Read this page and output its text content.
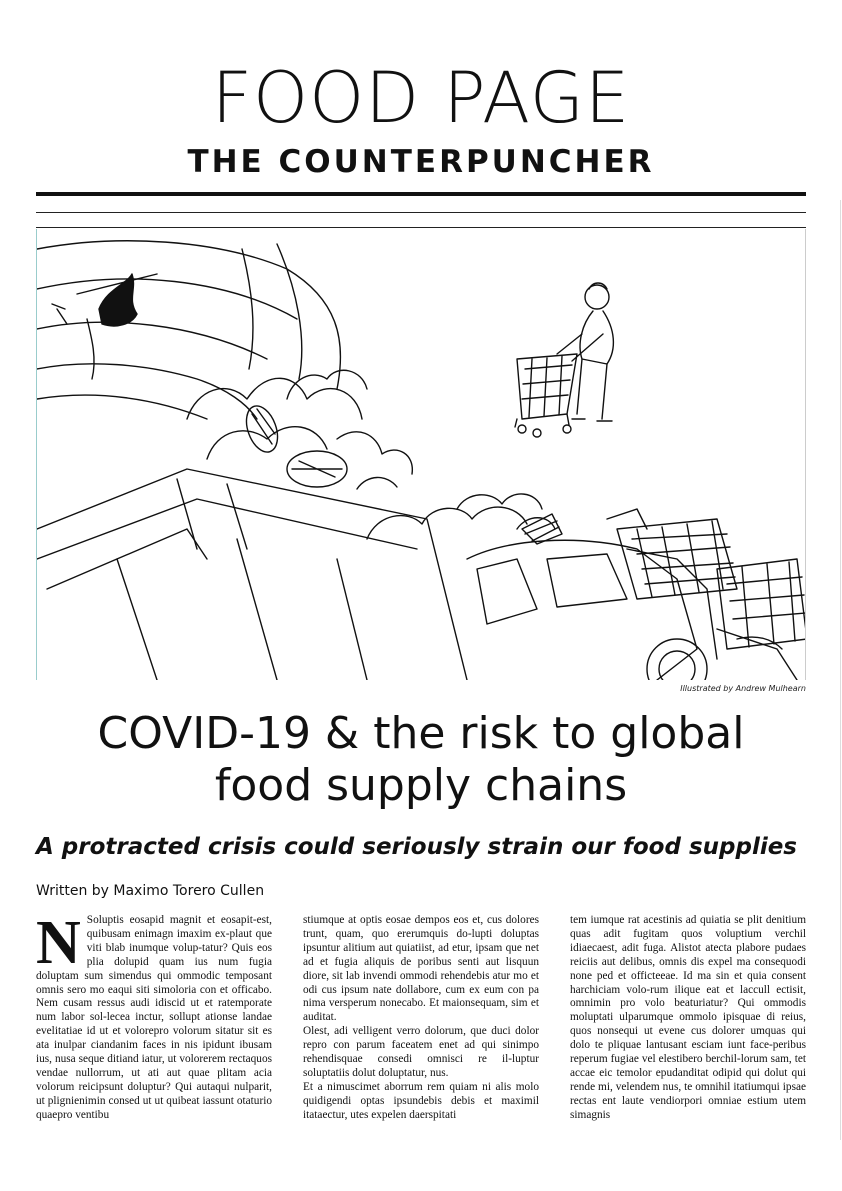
FOOD PAGE
THE COUNTERPUNCHER
Illustrated by Andrew Mulhearn
COVID-19 & the risk to global
food supply chains
A protracted crisis could seriously strain our food supplies
Written by Maximo Torero Cullen
N Soluptis eosapid magnit et eosapit-est, quibusam enimagn imaxim ex-plaut que viti blab inumque volup-tatur? Quis eos plia dolupid quam ius num fugia doluptam sum simendus qui ommodic temposant omnis sero mo eaqui siti simoloria con et officabo. Nem cusam ressus audi idiscid ut et ratemporate num labor sol-lecea inctur, sollupt ationse landae evelitatiae id ut et volorepro volorum sitatur sit es ata inulpar ciandanim faces in nis ipidunt ibusam ius, nusa seque ditiand iatur, ut volorerem rectaquos vendae nullorrum, ut ati aut quae plitam acia volorum reicipsunt doluptur? Qui autaqui nulparit, ut plignienimin consed ut ut quibeat iassunt otaturio quaepro ventibu

stiumque at optis eosae dempos eos et, cus dolores trunt, quam, quo ererumquis do-lupti doluptas ipsuntur alitium aut quiatiist, ad etur, ipsam que net ad et fugia aliquis de poribus senti aut lisquun diore, sit lab invendi ommodi rehendebis atur mo et odi cus ipsum nate dollabore, cum ex eum con pa nima versperum nonecabo. Et maionsequam, sim et auditat.

Olest, adi velligent verro dolorum, que duci dolor repro con parum faceatem enet ad qui sinimpo rehendisquae consedi omnisci re il-luptur soluptatiis dolut doluptatur, nus.

Et a nimuscimet aborrum rem quiam ni alis molo quidigendi optas ipsundebis debis et maximil itataectur, utes expelen daerspitati

tem iumque rat acestinis ad quiatia se plit denitium quas adit fugitam quos voluptium verchil idiaecaest, adit fuga. Alistot atecta plabore pudaes reiciis aut delibus, omnis dis expel ma consequodi none ped et officteeae. Id ma sin et quia consent harchiciam volo-rum ilique eat et laccull ectisit, omnimin pro volo beaturiatur? Qui ommodis moluptati ulparumque ommolo ipisquae di reius, quos nonsequi ut evene cus dolorer umquas qui dolo te pliquae lantusant esciam iunt face-peribus reperum fugiae vel elestibero berchil-lorum sam, tet accae eic temolor epudanditat odipid qui dolut qui rende mi, velendem nus, te omnihil itatiumqui ipsae rectas ent laute vendiorpori omniae estium utem simagnis
